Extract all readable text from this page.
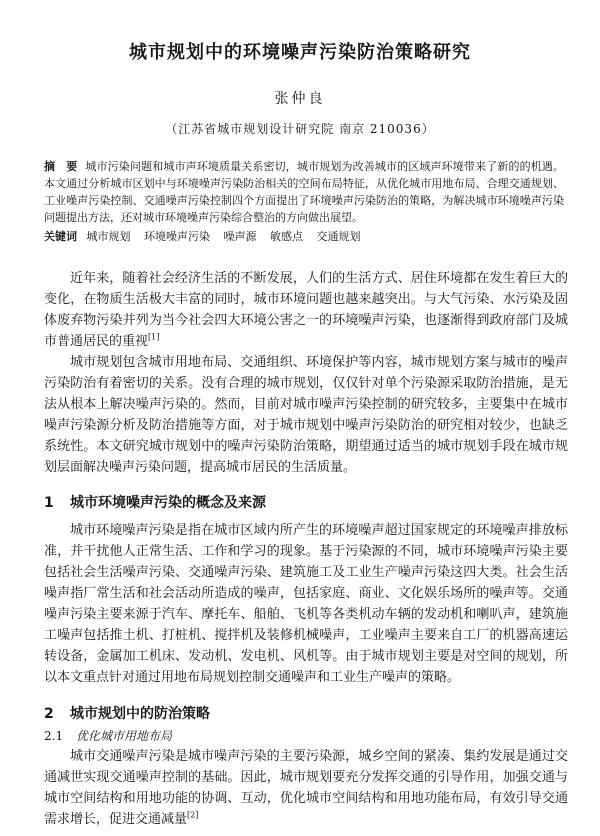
城市规划中的环境噪声污染防治策略研究
张仲良
（江苏省城市规划设计研究院 南京 210036）
摘　要 城市污染问题和城市声环境质量关系密切，城市规划为改善城市的区域声环境带来了新的的机遇。本文通过分析城市区划中与环境噪声污染防治相关的空间布局特征，从优化城市用地布局、合理交通规划、工业噪声污染控制、交通噪声污染控制四个方面提出了环境噪声污染防治的策略，为解决城市环境噪声污染问题提出方法，还对城市环境噪声污染综合整治的方向做出展望。
关键词 城市规划 环境噪声污染 噪声源 敏感点 交通规划
近年来，随着社会经济生活的不断发展，人们的生活方式、居住环境都在发生着巨大的变化，在物质生活极大丰富的同时，城市环境问题也越来越突出。与大气污染、水污染及固体废弃物污染并列为当今社会四大环境公害之一的环境噪声污染，也逐渐得到政府部门及城市普通居民的重视[1]
城市规划包含城市用地布局、交通组织、环境保护等内容，城市规划方案与城市的噪声污染防治有着密切的关系。没有合理的城市规划，仅仅针对单个污染源采取防治措施，是无法从根本上解决噪声污染的。然而，目前对城市噪声污染控制的研究较多，主要集中在城市噪声污染源分析及防治措施等方面，对于城市规划中噪声污染防治的研究相对较少，也缺乏系统性。本文研究城市规划中的噪声污染防治策略，期望通过适当的城市规划手段在城市规划层面解决噪声污染问题，提高城市居民的生活质量。
1 城市环境噪声污染的概念及来源
城市环境噪声污染是指在城市区域内所产生的环境噪声超过国家规定的环境噪声排放标准，并干扰他人正常生活、工作和学习的现象。基于污染源的不同，城市环境噪声污染主要包括社会生活噪声污染、交通噪声污染、建筑施工及工业生产噪声污染这四大类。社会生活噪声指厂常生活和社会活动所造成的噪声，包括家庭、商业、文化娱乐场所的噪声等。交通噪声污染主要来源于汽车、摩托车、船舶、飞机等各类机动车辆的发动机和喇叭声，建筑施工噪声包括推土机、打桩机、搅拌机及装修机械噪声，工业噪声主要来自工厂的机器高速运转设备，金属加工机床、发动机、发电机、风机等。由于城市规划主要是对空间的规划，所以本文重点针对通过用地布局规划控制交通噪声和工业生产噪声的策略。
2 城市规划中的防治策略
2.1 优化城市用地布局
城市交通噪声污染是城市噪声污染的主要污染源，城乡空间的紧凑、集约发展是通过交通减世实现交通噪声控制的基础。因此，城市规划要充分发挥交通的引导作用，加强交通与城市空间结构和用地功能的协调、互动，优化城市空间结构和用地功能布局，有效引导交通需求增长，促进交通减量[2]
